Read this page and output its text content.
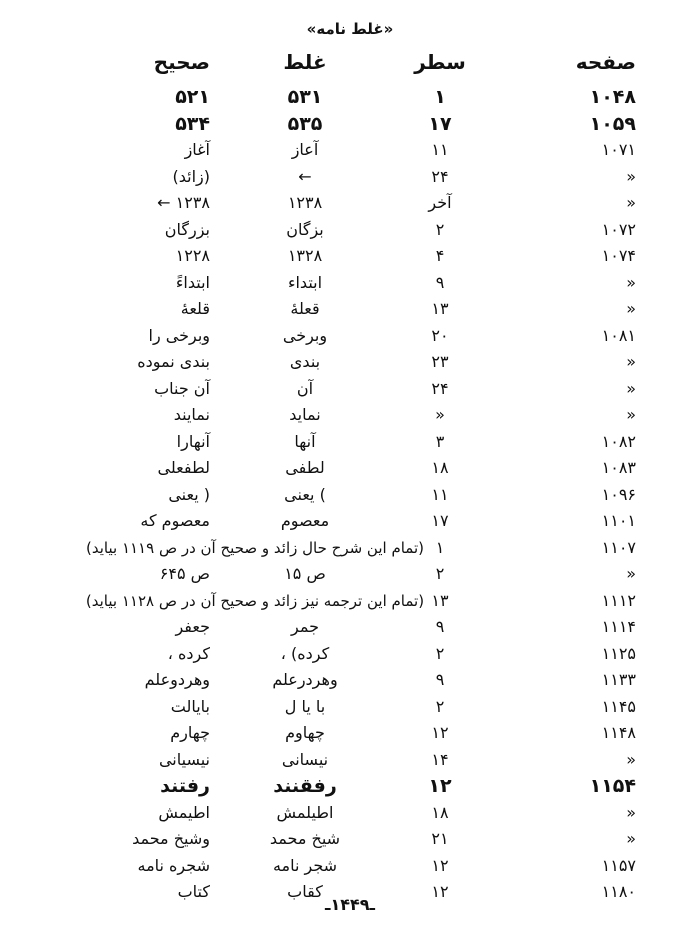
«غلط نامه»
صفحه
سطر
غلط
صحیح
۱۰۴۸
۱
۵۳۱
۵۲۱
۱۰۵۹
۱۷
۵۳۵
۵۳۴
۱۰۷۱
۱۱
آعاز
آغاز
«
۲۴
←
(زائد)
«
آخر
۱۲۳۸
۱۲۳۸ ←
۱۰۷۲
۲
بزگان
بزرگان
۱۰۷۴
۴
۱۳۲۸
۱۲۲۸
«
۹
ابتداء
ابتداءً
«
۱۳
قعلهٔ
قلعهٔ
۱۰۸۱
۲۰
وبرخی
وبرخی را
«
۲۳
بندی
بندی نموده
«
۲۴
آن
آن جناب
«
«
نماید
نمایند
۱۰۸۲
۳
آنها
آنهارا
۱۰۸۳
۱۸
لطفی
لطفعلی
۱۰۹۶
۱۱
) یعنی
( یعنی
۱۱۰۱
۱۷
معصوم
معصوم که
۱۱۰۷
۱
(تمام این شرح حال زائد و صحیح آن در ص ۱۱۱۹ بیاید)
«
۲
ص ۱۵
ص ۶۴۵
۱۱۱۲
۱۳
(تمام این ترجمه نیز زائد و صحیح آن در ص ۱۱۲۸ بیاید)
۱۱۱۴
۹
جمر
جعفر
۱۱۲۵
۲
کرده) ،
کرده ،
۱۱۳۳
۹
وهردرعلم
وهردوعلم
۱۱۴۵
۲
با یا ل
بایالت
۱۱۴۸
۱۲
چهاوم
چهارم
«
۱۴
نیسانی
نیسیانی
۱۱۵۴
۱۲
رفقنند
رفتند
«
۱۸
اطیلمش
اطیمش
«
۲۱
شیخ محمد
وشیخ محمد
۱۱۵۷
۱۲
شجر نامه
شجره نامه
۱۱۸۰
۱۲
کقاب
کتاب
ـ۱۴۴۹ـ
